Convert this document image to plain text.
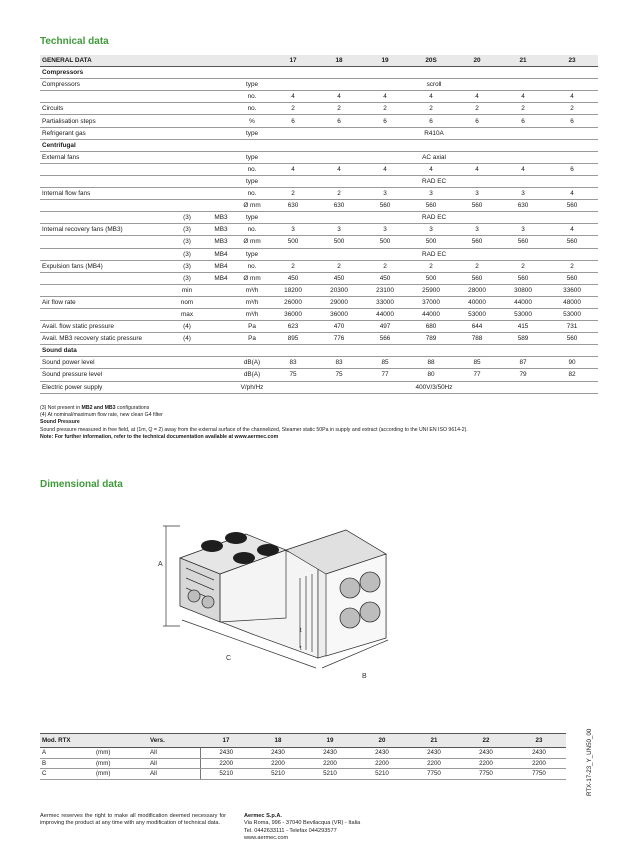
Technical data
GENERAL DATA				17	18	19	20S	20	21	23
Compressors										
Compressors			type	scroll						
			no.	4	4	4	4	4	4	4
Circuits			no.	2	2	2	2	2	2	2
Partialisation steps			%	6	6	6	6	6	6	6
Refrigerant gas			type	R410A						
Centrifugal										
External fans			type	AC axial						
			no.	4	4	4	4	4	4	6
			type	RAD EC						
Internal flow fans			no.	2	2	3	3	3	3	4
			Ø mm	630	630	560	560	560	630	560
	(3)	MB3	type	RAD EC						
Internal recovery fans (MB3)	(3)	MB3	no.	3	3	3	3	3	3	4
	(3)	MB3	Ø mm	500	500	500	500	560	560	560
	(3)	MB4	type	RAD EC						
Expulsion fans (MB4)	(3)	MB4	no.	2	2	2	2	2	2	2
	(3)	MB4	Ø mm	450	450	450	500	560	560	560
	min		m³/h	18200	20300	23100	25900	28000	30800	33600
Air flow rate	nom		m³/h	26000	29000	33000	37000	40000	44000	48000
	max		m³/h	36000	36000	44000	44000	53000	53000	53000
Avail. flow static pressure	(4)		Pa	623	470	497	680	644	415	731
Avail. MB3 recovery static pressure	(4)		Pa	895	776	566	789	788	589	560
Sound data										
Sound power level			dB(A)	83	83	85	88	85	87	90
Sound pressure level			dB(A)	75	75	77	80	77	79	82
Electric power supply			V/ph/Hz	400V/3/50Hz						
(3) Not present in MB2 and MB3 configurations
(4) At nominal/maximum flow rate, new clean G4 filter
Sound Pressure
Sound pressure measured in free field, at (1m, Q = 2) away from the external surface of the channelized, Steamer static 50Pa in supply and extract (according to the UNI EN ISO 9614-2).
Note: For further information, refer to the technical documentation available at www.aermec.com
Dimensional data
A
C
B
t
t
Mod. RTX		Vers.	17	18	19	20	21	22	23
A	(mm)	All	2430	2430	2430	2430	2430	2430	2430
B	(mm)	All	2200	2200	2200	2200	2200	2200	2200
C	(mm)	All	5210	5210	5210	5210	7750	7750	7750
Aermec reserves the right to make all modification deemed necessary for improving the product at any time with any modification of technical data.
Aermec S.p.A.
Via Roma, 996 - 37040 Bevilacqua (VR) - Italia
Tel. 0442633111 - Telefax 044293577
www.aermec.com
RTX-17-23_Y_UN50_00
